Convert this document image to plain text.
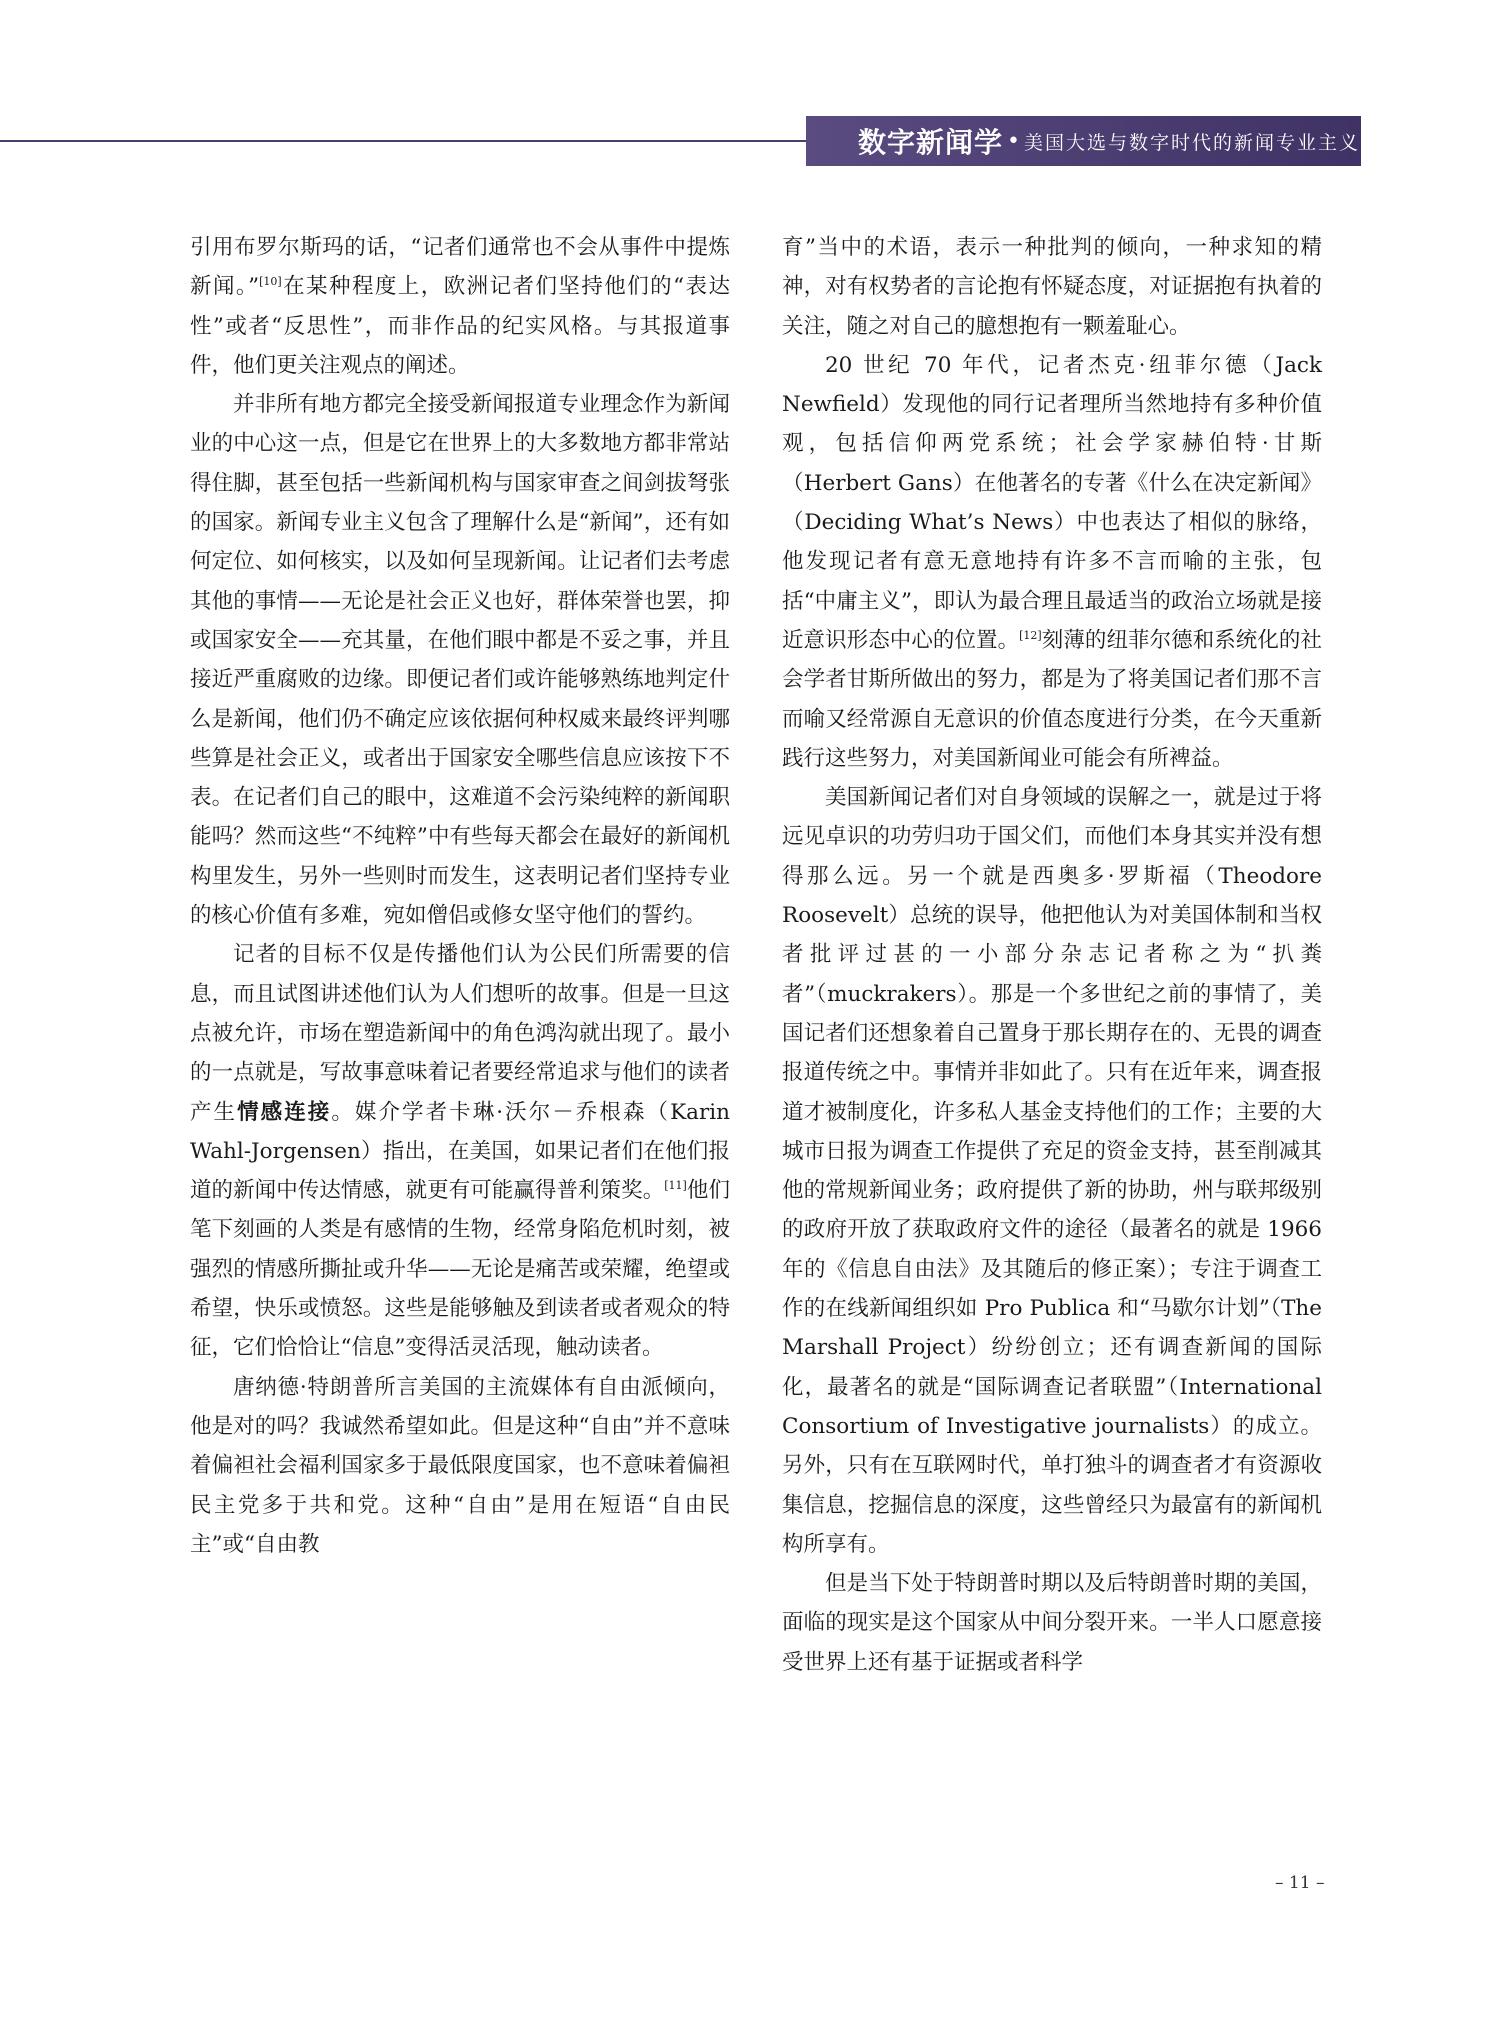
数字新闻学 • 美国大选与数字时代的新闻专业主义

引用布罗尔斯玛的话，“记者们通常也不会从事件中提炼新闻。”[10]在某种程度上，欧洲记者们坚持他们的“表达性”或者“反思性”，而非作品的纪实风格。与其报道事件，他们更关注观点的阐述。

并非所有地方都完全接受新闻报道专业理念作为新闻业的中心这一点，但是它在世界上的大多数地方都非常站得住脚，甚至包括一些新闻机构与国家审查之间剑拔弩张的国家。新闻专业主义包含了理解什么是“新闻”，还有如何定位、如何核实，以及如何呈现新闻。让记者们去考虑其他的事情——无论是社会正义也好，群体荣誉也罢，抑或国家安全——充其量，在他们眼中都是不妥之事，并且接近严重腐败的边缘。即便记者们或许能够熟练地判定什么是新闻，他们仍不确定应该依据何种权威来最终评判哪些算是社会正义，或者出于国家安全哪些信息应该按下不表。在记者们自己的眼中，这难道不会污染纯粹的新闻职能吗？然而这些“不纯粹”中有些每天都会在最好的新闻机构里发生，另外一些则时而发生，这表明记者们坚持专业的核心价值有多难，宛如僧侣或修女坚守他们的誓约。

记者的目标不仅是传播他们认为公民们所需要的信息，而且试图讲述他们认为人们想听的故事。但是一旦这点被允许，市场在塑造新闻中的角色鸿沟就出现了。最小的一点就是，写故事意味着记者要经常追求与他们的读者产生情感连接。媒介学者卡琳·沃尔－乔根森（Karin Wahl-Jorgensen）指出，在美国，如果记者们在他们报道的新闻中传达情感，就更有可能赢得普利策奖。[11]他们笔下刻画的人类是有感情的生物，经常身陷危机时刻，被强烈的情感所撕扯或升华——无论是痛苦或荣耀，绝望或希望，快乐或愤怒。这些是能够触及到读者或者观众的特征，它们恰恰让“信息”变得活灵活现，触动读者。

唐纳德·特朗普所言美国的主流媒体有自由派倾向，他是对的吗？我诚然希望如此。但是这种“自由”并不意味着偏袒社会福利国家多于最低限度国家，也不意味着偏袒民主党多于共和党。这种“自由”是用在短语“自由民主”或“自由教

育”当中的术语，表示一种批判的倾向，一种求知的精神，对有权势者的言论抱有怀疑态度，对证据抱有执着的关注，随之对自己的臆想抱有一颗羞耻心。

20 世纪 70 年代，记者杰克·纽菲尔德（Jack Newfield）发现他的同行记者理所当然地持有多种价值观，包括信仰两党系统；社会学家赫伯特·甘斯（Herbert Gans）在他著名的专著《什么在决定新闻》（Deciding What’s News）中也表达了相似的脉络，他发现记者有意无意地持有许多不言而喻的主张，包括“中庸主义”，即认为最合理且最适当的政治立场就是接近意识形态中心的位置。[12]刻薄的纽菲尔德和系统化的社会学者甘斯所做出的努力，都是为了将美国记者们那不言而喻又经常源自无意识的价值态度进行分类，在今天重新践行这些努力，对美国新闻业可能会有所裨益。

美国新闻记者们对自身领域的误解之一，就是过于将远见卓识的功劳归功于国父们，而他们本身其实并没有想得那么远。另一个就是西奥多·罗斯福（Theodore Roosevelt）总统的误导，他把他认为对美国体制和当权者批评过甚的一小部分杂志记者称之为“扒粪者”（muckrakers）。那是一个多世纪之前的事情了，美国记者们还想象着自己置身于那长期存在的、无畏的调查报道传统之中。事情并非如此了。只有在近年来，调查报道才被制度化，许多私人基金支持他们的工作；主要的大城市日报为调查工作提供了充足的资金支持，甚至削减其他的常规新闻业务；政府提供了新的协助，州与联邦级别的政府开放了获取政府文件的途径（最著名的就是 1966 年的《信息自由法》及其随后的修正案）；专注于调查工作的在线新闻组织如 Pro Publica 和“马歇尔计划”（The Marshall Project）纷纷创立；还有调查新闻的国际化，最著名的就是“国际调查记者联盟”（International Consortium of Investigative journalists）的成立。另外，只有在互联网时代，单打独斗的调查者才有资源收集信息，挖掘信息的深度，这些曾经只为最富有的新闻机构所享有。

但是当下处于特朗普时期以及后特朗普时期的美国，面临的现实是这个国家从中间分裂开来。一半人口愿意接受世界上还有基于证据或者科学

– 11 –
